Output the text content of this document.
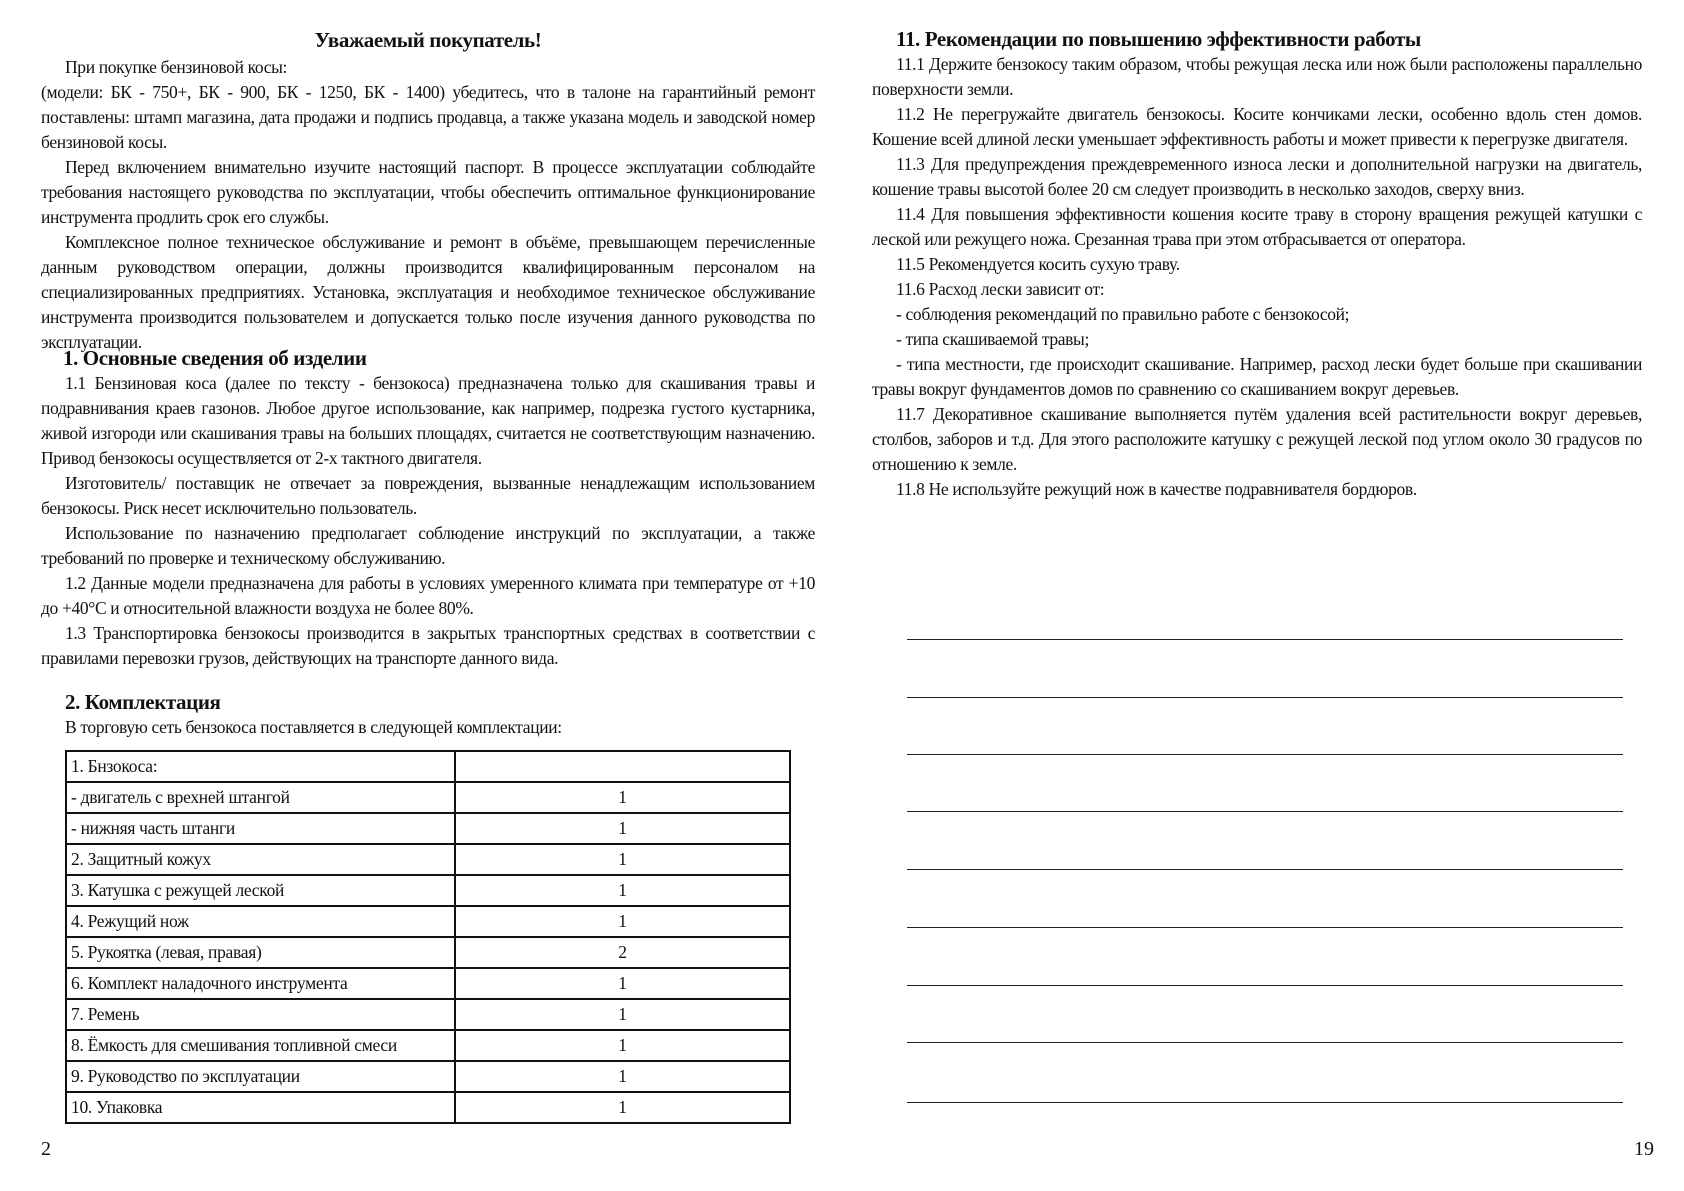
Уважаемый покупатель!

При покупке бензиновой косы:

(модели: БК - 750+, БК - 900, БК - 1250, БК - 1400) убедитесь, что в талоне на гарантийный ремонт поставлены: штамп магазина, дата продажи и подпись продавца, а также указана модель и заводской номер бензиновой косы.

Перед включением внимательно изучите настоящий паспорт. В процессе эксплуатации соблюдайте требования настоящего руководства по эксплуатации, чтобы обеспечить оптимальное функционирование инструмента продлить срок его службы.

Комплексное полное техническое обслуживание и ремонт в объёме, превышающем перечисленные данным руководством операции, должны производится квалифицированным персоналом на специализированных предприятиях. Установка, эксплуатация и необходимое техническое обслуживание инструмента производится пользователем и допускается только после изучения данного руководства по эксплуатации.

1. Основные сведения об изделии

1.1 Бензиновая коса (далее по тексту - бензокоса) предназначена только для скашивания травы и подравнивания краев газонов. Любое другое использование, как например, подрезка густого кустарника, живой изгороди или скашивания травы на больших площадях, считается не соответствующим назначению. Привод бензокосы осуществляется от 2-х тактного двигателя.

Изготовитель/ поставщик не отвечает за повреждения, вызванные ненадлежащим использованием бензокосы. Риск несет исключительно пользователь.

Использование по назначению предполагает соблюдение инструкций по эксплуатации, а также требований по проверке и техническому обслуживанию.

1.2 Данные модели предназначена для работы в условиях умеренного климата при температуре от +10 до +40°С и относительной влажности воздуха не более 80%.

1.3 Транспортировка бензокосы производится в закрытых транспортных средствах в соответствии с правилами перевозки грузов, действующих на транспорте данного вида.

2. Комплектация

В торговую сеть бензокоса поставляется в следующей комплектации:

1. Бнзокоса:	
- двигатель с врехней штангой	1
- нижняя часть штанги	1
2. Защитный кожух	1
3. Катушка с режущей леской	1
4. Режущий нож	1
5. Рукоятка (левая, правая)	2
6. Комплект наладочного инструмента	1
7. Ремень	1
8. Ёмкость для смешивания топливной смеси	1
9. Руководство по эксплуатации	1
10. Упаковка	1
2
11. Рекомендации по повышению эффективности работы

11.1 Держите бензокосу таким образом, чтобы режущая леска или нож были расположены параллельно поверхности земли.

11.2 Не перегружайте двигатель бензокосы. Косите кончиками лески, особенно вдоль стен домов. Кошение всей длиной лески уменьшает эффективность работы и может привести к перегрузке двигателя.

11.3 Для предупреждения преждевременного износа лески и дополнительной нагрузки на двигатель, кошение травы высотой более 20 см следует производить в несколько заходов, сверху вниз.

11.4 Для повышения эффективности кошения косите траву в сторону вращения режущей катушки с леской или режущего ножа. Срезанная трава при этом отбрасывается от оператора.

11.5 Рекомендуется косить сухую траву.

11.6 Расход лески зависит от:

- соблюдения рекомендаций по правильно работе с бензокосой;

- типа скашиваемой травы;

- типа местности, где происходит скашивание. Например, расход лески будет больше при скашивании травы вокруг фундаментов домов по сравнению со скашиванием вокруг деревьев.

11.7 Декоративное скашивание выполняется путём удаления всей растительности вокруг деревьев, столбов, заборов и т.д. Для этого расположите катушку с режущей леской под углом около 30 градусов по отношению к земле.

11.8 Не используйте режущий нож в качестве подравнивателя бордюров.

19
